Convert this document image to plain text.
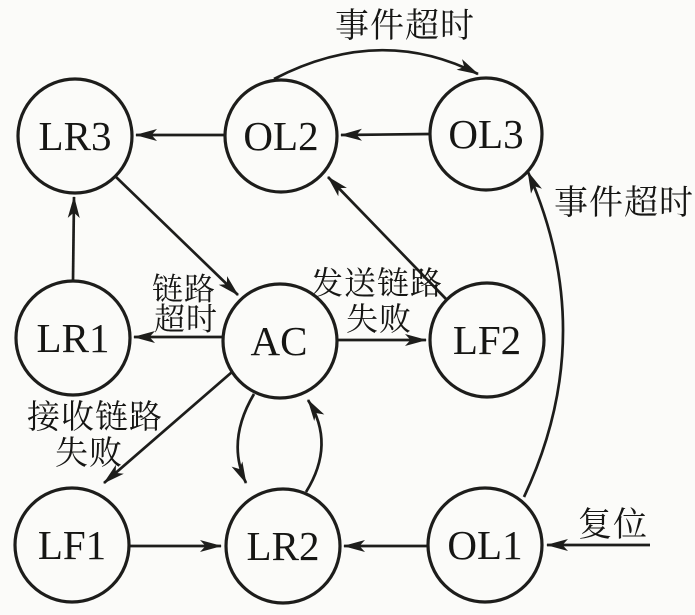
LR3	OL2	OL3
LR1	AC	LF2
LF1	LR2	OL1
事件超时
事件超时
链路
超时
发送链路
失败
接收链路
失败
复位
